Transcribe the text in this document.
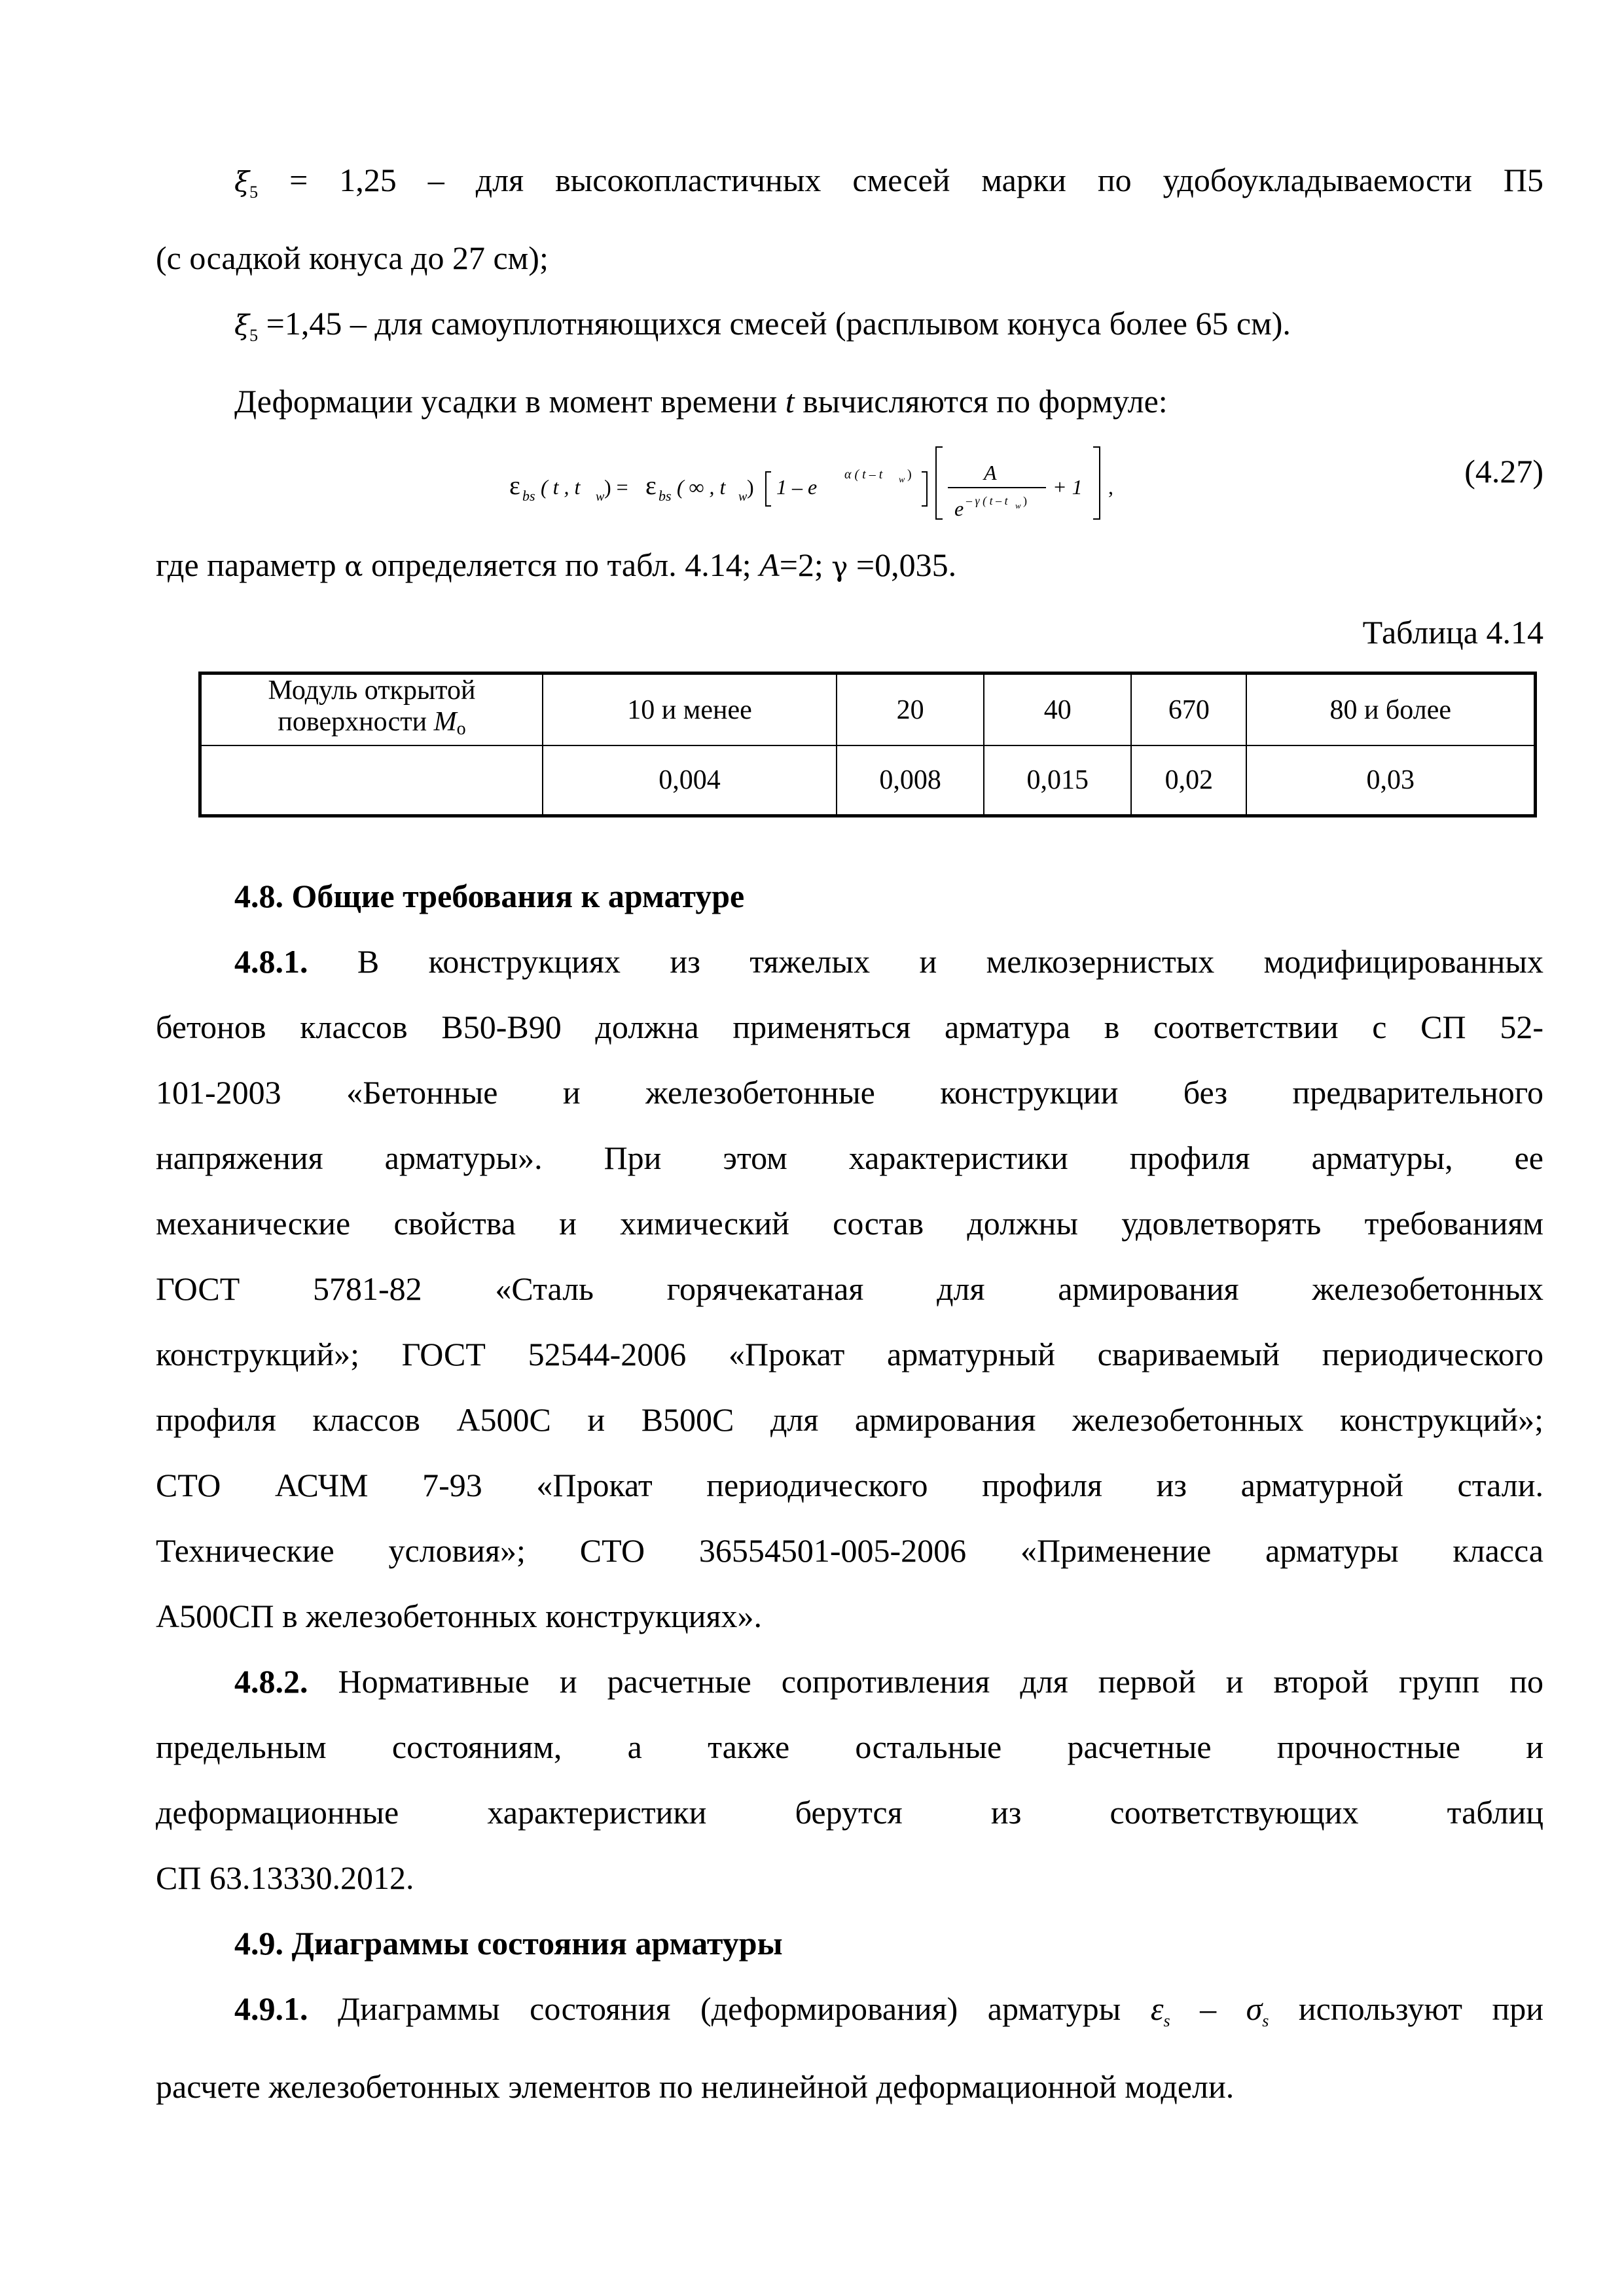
$\xi_5 = 1,25$ – для высокопластичных смесей марки по удобоукладываемости П5

(с осадкой конуса до 27 см);

$\xi_5 =1,45$ – для самоуплотняющихся смесей (расплывом конуса более 65 см).

Деформации усадки в момент времени t вычисляются по формуле:

ε bs ( t , t w ) = ε bs ( ∞ , t w ) 1 – e
α ( t – t w )	A
e – γ ( t – t w )
+ 1 ,	(4.27)

где параметр α определяется по табл. 4.14; A=2; γ =0,035.

Таблица 4.14

Модуль открытой
поверхности Mо	10 и менее	20	40	670	80 и более
	0,004	0,008	0,015	0,02	0,03
4.8. Общие требования к арматуре

4.8.1. В конструкциях из тяжелых и мелкозернистых модифицированных

бетонов классов В50-В90 должна применяться арматура в соответствии с СП 52-

101-2003 «Бетонные и железобетонные конструкции без предварительного

напряжения арматуры». При этом характеристики профиля арматуры, ее

механические свойства и химический состав должны удовлетворять требованиям

ГОСТ 5781-82 «Сталь горячекатаная для армирования железобетонных

конструкций»; ГОСТ 52544-2006 «Прокат арматурный свариваемый периодического

профиля классов А500С и В500С для армирования железобетонных конструкций»;

СТО АСЧМ 7-93 «Прокат периодического профиля из арматурной стали.

Технические условия»; СТО 36554501-005-2006 «Применение арматуры класса

А500СП в железобетонных конструкциях».

4.8.2. Нормативные и расчетные сопротивления для первой и второй групп по

предельным состояниям, а также остальные расчетные прочностные и

деформационные характеристики берутся из соответствующих таблиц

СП 63.13330.2012.

4.9. Диаграммы состояния арматуры

4.9.1. Диаграммы состояния (деформирования) арматуры $\varepsilon_s - \sigma_s$ используют при

расчете железобетонных элементов по нелинейной деформационной модели.
